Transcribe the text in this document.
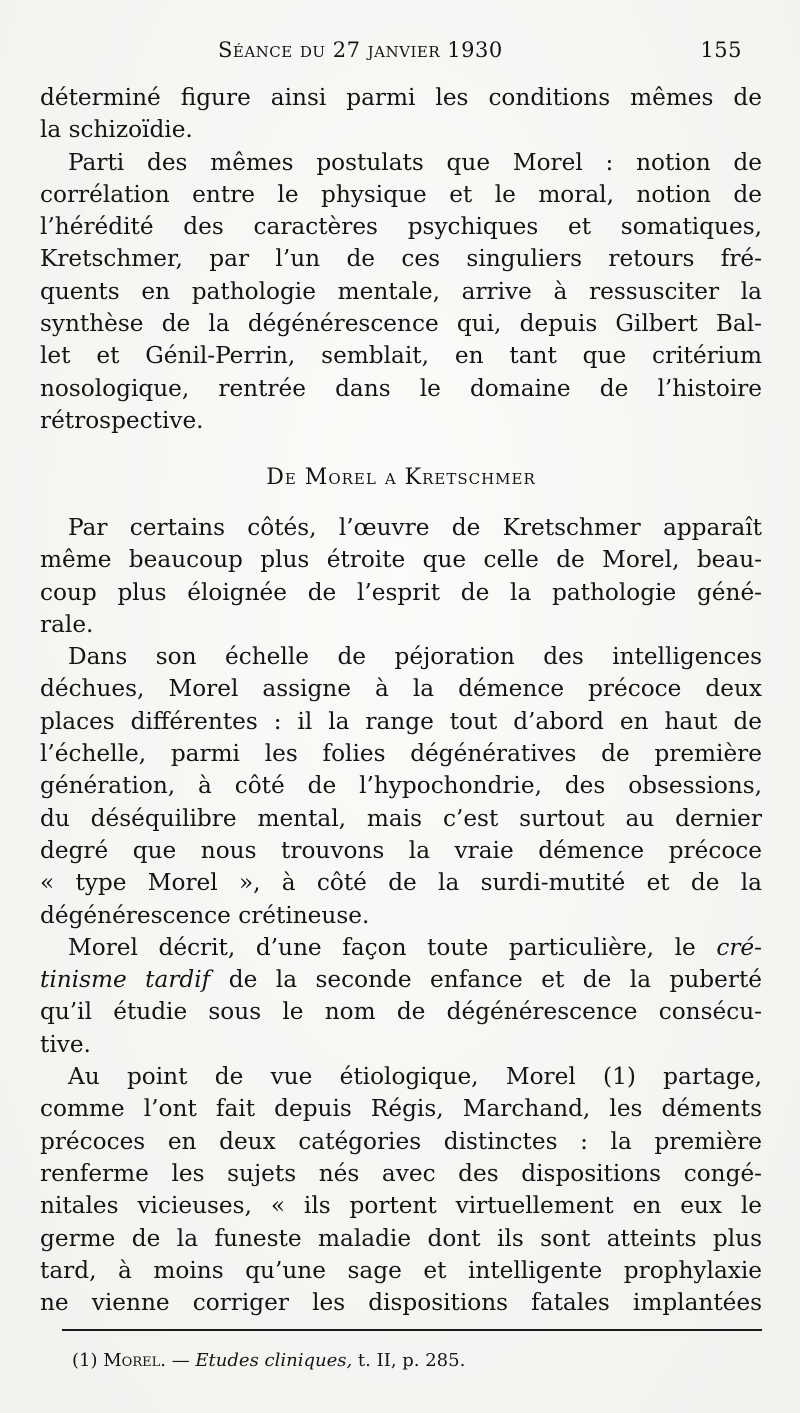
Séance du 27 janvier 1930	155
déterminé figure ainsi parmi les conditions mêmes de
la schizoïdie.
Parti des mêmes postulats que Morel : notion de
corrélation entre le physique et le moral, notion de
l’hérédité des caractères psychiques et somatiques,
Kretschmer, par l’un de ces singuliers retours fré-
quents en pathologie mentale, arrive à ressusciter la
synthèse de la dégénérescence qui, depuis Gilbert Bal-
let et Génil-Perrin, semblait, en tant que critérium
nosologique, rentrée dans le domaine de l’histoire
rétrospective.
De Morel a Kretschmer
Par certains côtés, l’œuvre de Kretschmer apparaît
même beaucoup plus étroite que celle de Morel, beau-
coup plus éloignée de l’esprit de la pathologie géné-
rale.
Dans son échelle de péjoration des intelligences
déchues, Morel assigne à la démence précoce deux
places différentes : il la range tout d’abord en haut de
l’échelle, parmi les folies dégénératives de première
génération, à côté de l’hypochondrie, des obsessions,
du déséquilibre mental, mais c’est surtout au dernier
degré que nous trouvons la vraie démence précoce
« type Morel », à côté de la surdi-mutité et de la
dégénérescence crétineuse.
Morel décrit, d’une façon toute particulière, le cré-
tinisme tardif de la seconde enfance et de la puberté
qu’il étudie sous le nom de dégénérescence consécu-
tive.
Au point de vue étiologique, Morel (1) partage,
comme l’ont fait depuis Régis, Marchand, les déments
précoces en deux catégories distinctes : la première
renferme les sujets nés avec des dispositions congé-
nitales vicieuses, « ils portent virtuellement en eux le
germe de la funeste maladie dont ils sont atteints plus
tard, à moins qu’une sage et intelligente prophylaxie
ne vienne corriger les dispositions fatales implantées
(1) Morel. — Etudes cliniques, t. II, p. 285.
